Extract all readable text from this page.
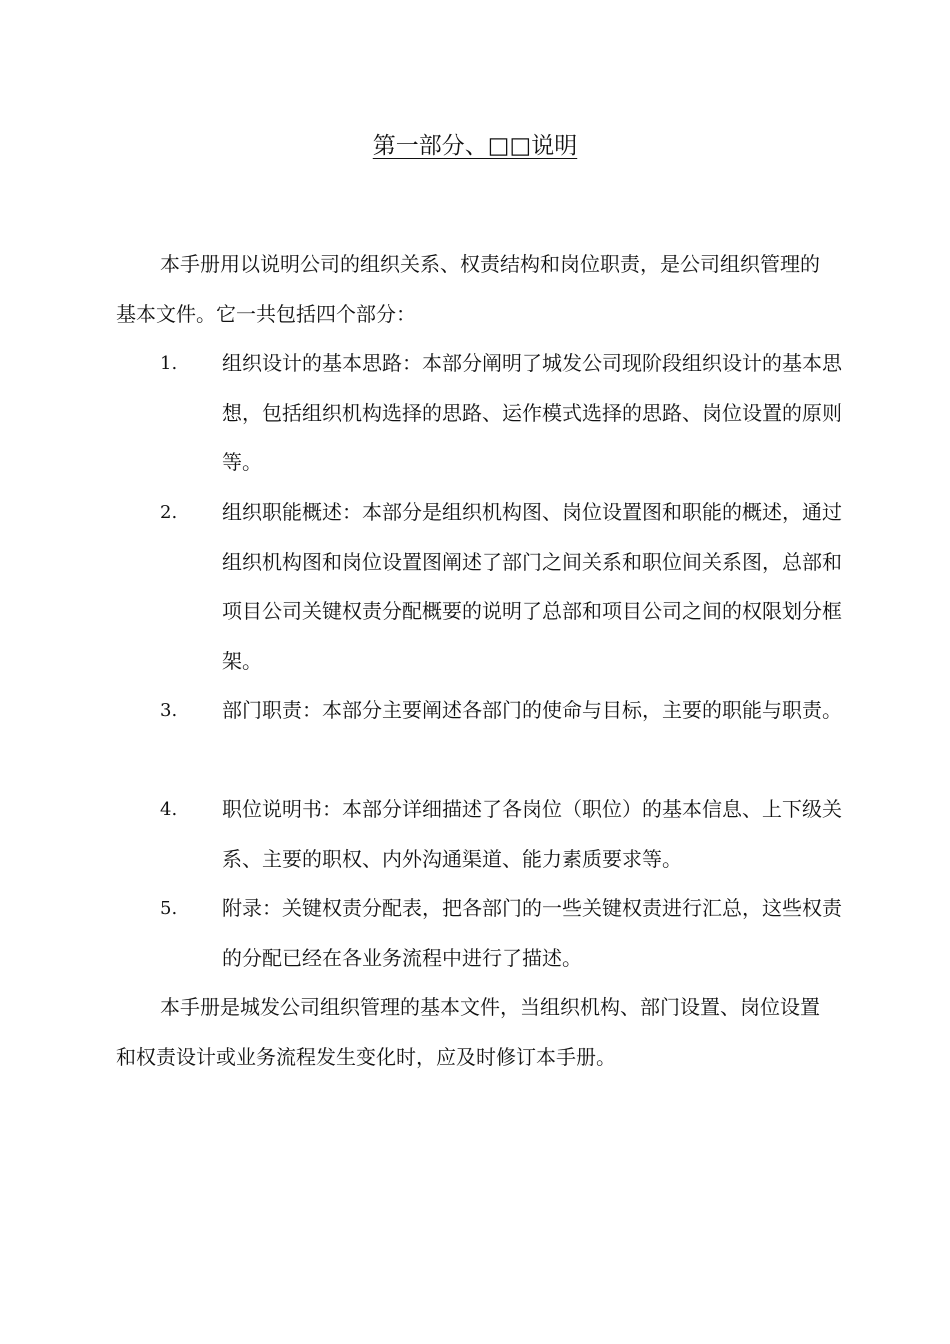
第一部分、□□说明
本手册用以说明公司的组织关系、权责结构和岗位职责，是公司组织管理的基本文件。它一共包括四个部分：
1.	组织设计的基本思路：本部分阐明了城发公司现阶段组织设计的基本思想，包括组织机构选择的思路、运作模式选择的思路、岗位设置的原则等。
2.	组织职能概述：本部分是组织机构图、岗位设置图和职能的概述，通过组织机构图和岗位设置图阐述了部门之间关系和职位间关系图，总部和项目公司关键权责分配概要的说明了总部和项目公司之间的权限划分框架。
3.	部门职责：本部分主要阐述各部门的使命与目标，主要的职能与职责。
4.	职位说明书：本部分详细描述了各岗位（职位）的基本信息、上下级关系、主要的职权、内外沟通渠道、能力素质要求等。
5.	附录：关键权责分配表，把各部门的一些关键权责进行汇总，这些权责的分配已经在各业务流程中进行了描述。
本手册是城发公司组织管理的基本文件，当组织机构、部门设置、岗位设置和权责设计或业务流程发生变化时，应及时修订本手册。
